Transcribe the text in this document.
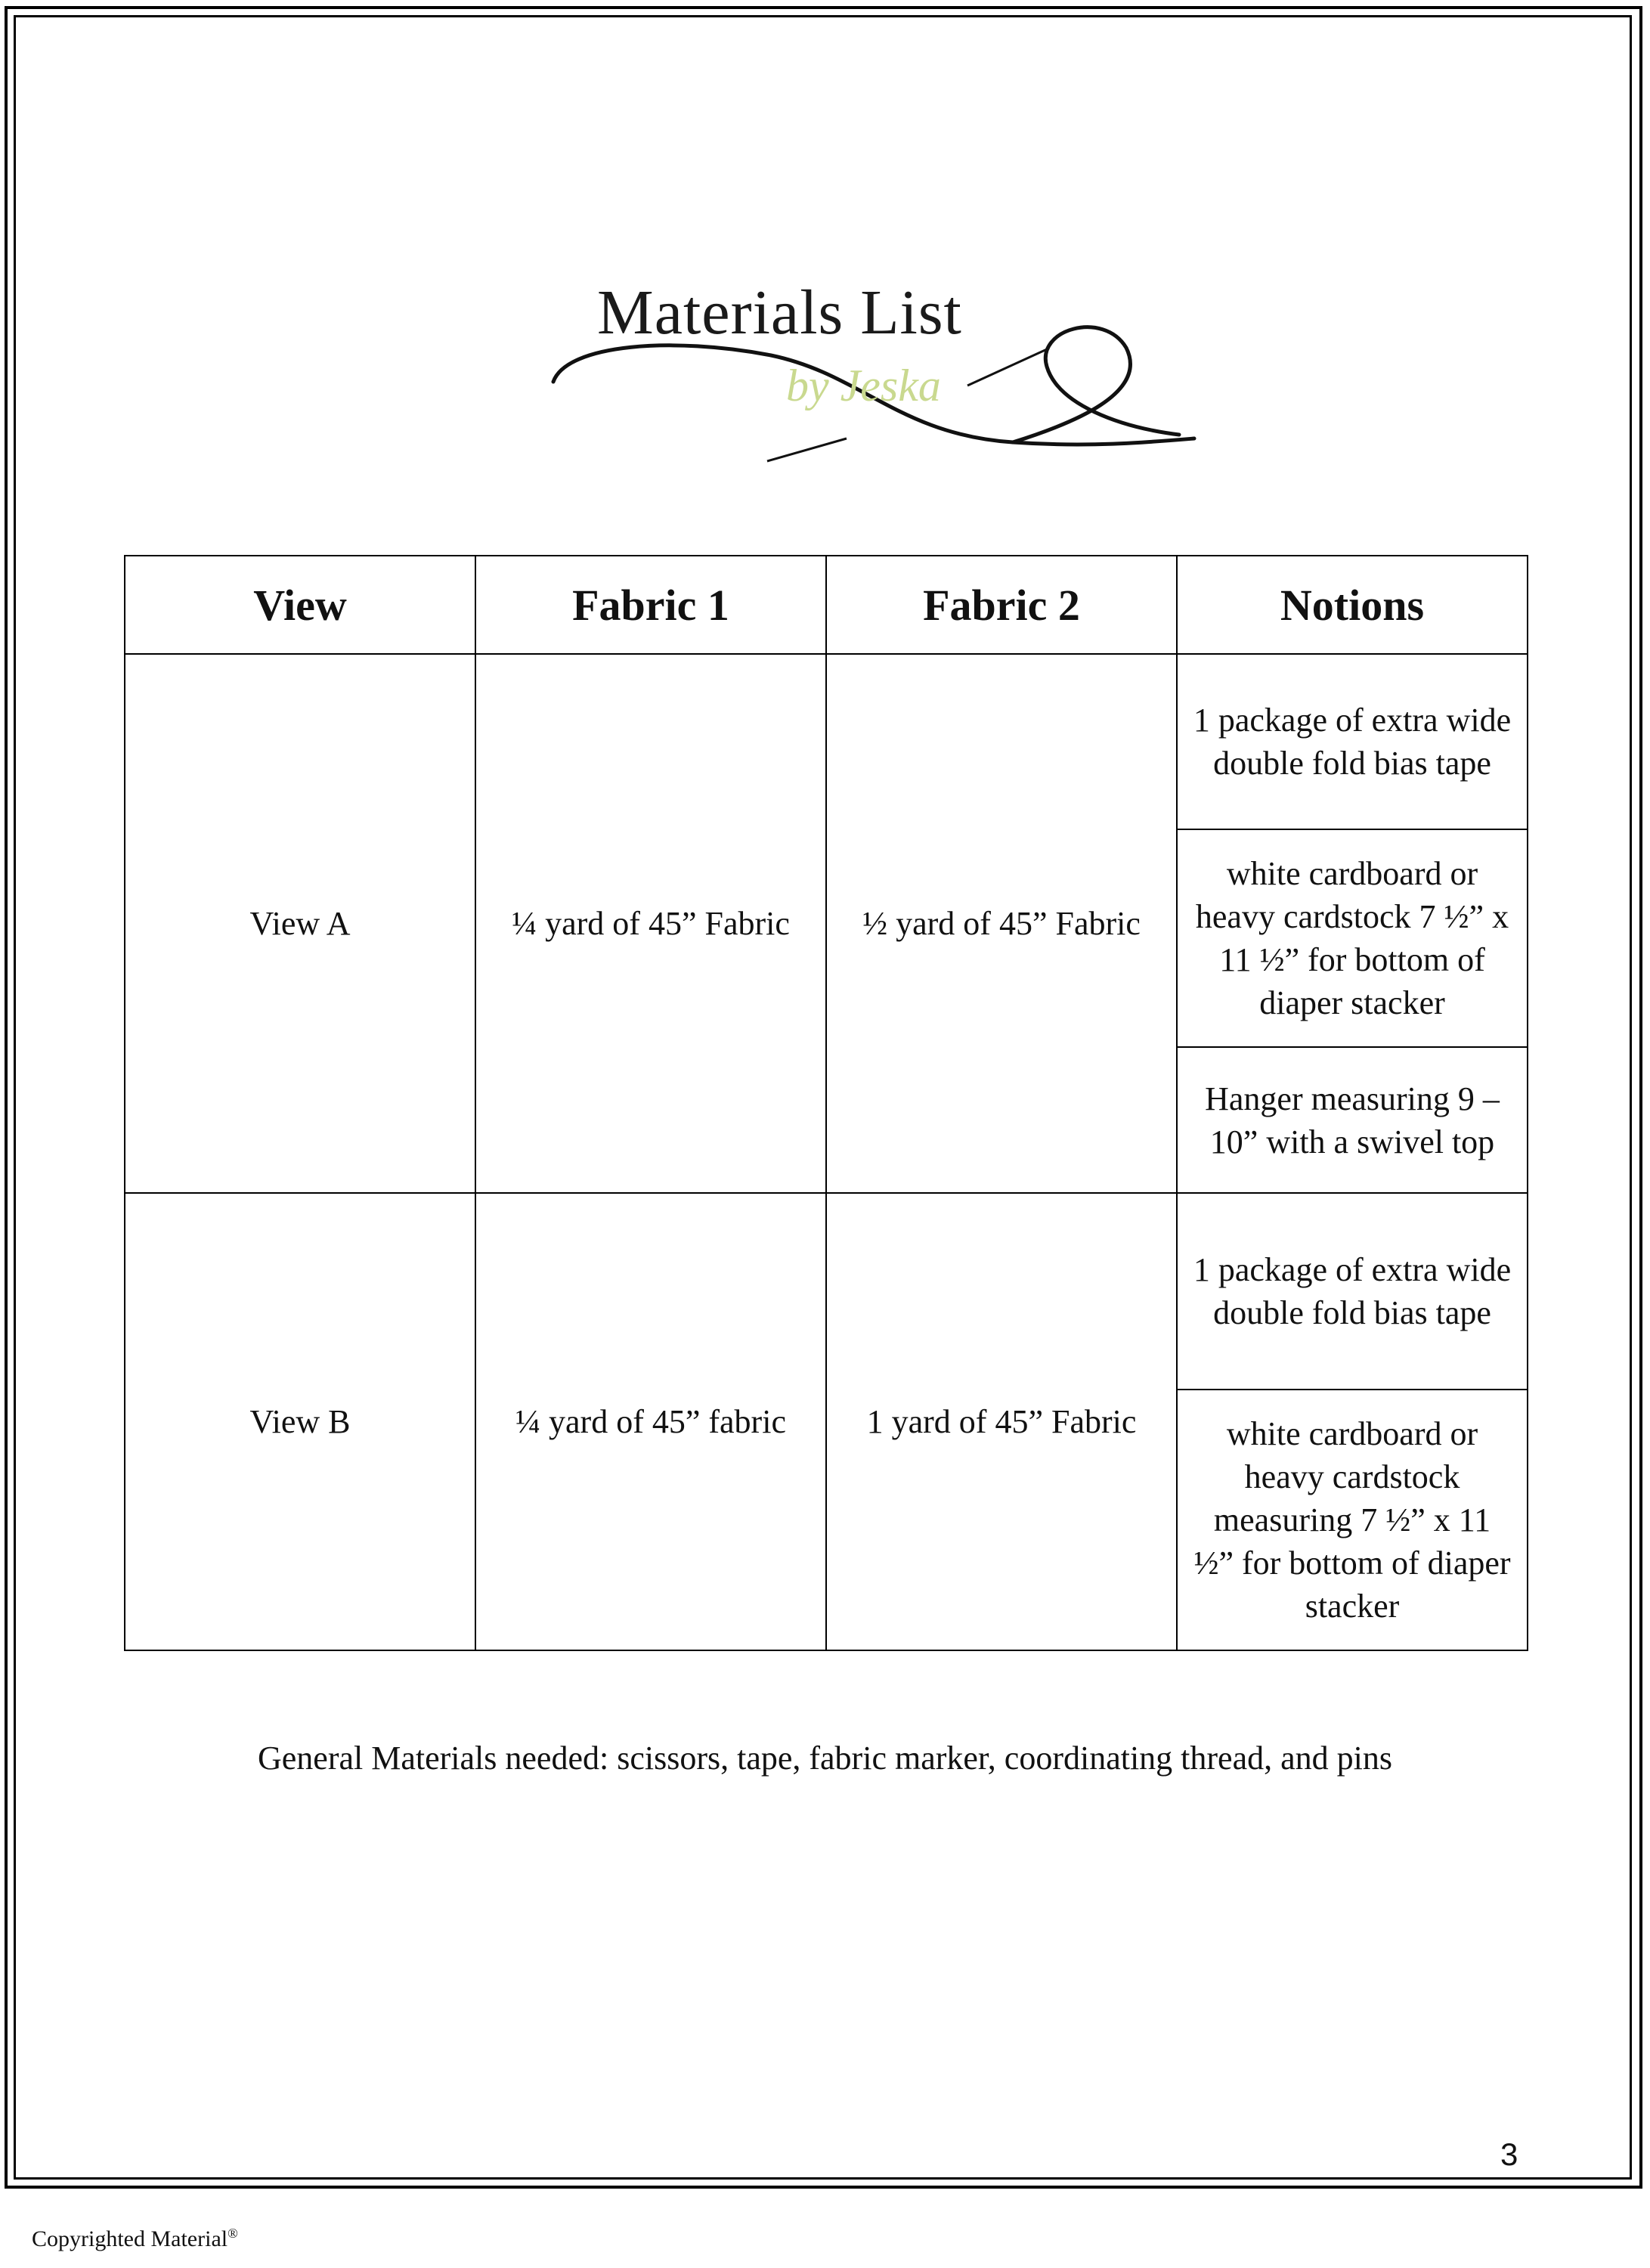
Materials List
by Jeska
View	Fabric 1	Fabric 2	Notions
View A	¼ yard of 45” Fabric	½ yard of 45” Fabric	1 package of extra wide double fold bias tape
			white cardboard or heavy cardstock 7 ½” x 11 ½” for bottom of diaper stacker
			Hanger measuring 9 – 10” with a swivel top
View B	¼ yard of 45” fabric	1 yard of 45” Fabric	1 package of extra wide double fold bias tape
			white cardboard or heavy cardstock measuring 7 ½” x 11 ½” for bottom of diaper stacker
General Materials needed: scissors, tape, fabric marker, coordinating thread, and pins
3
Copyrighted Material®
